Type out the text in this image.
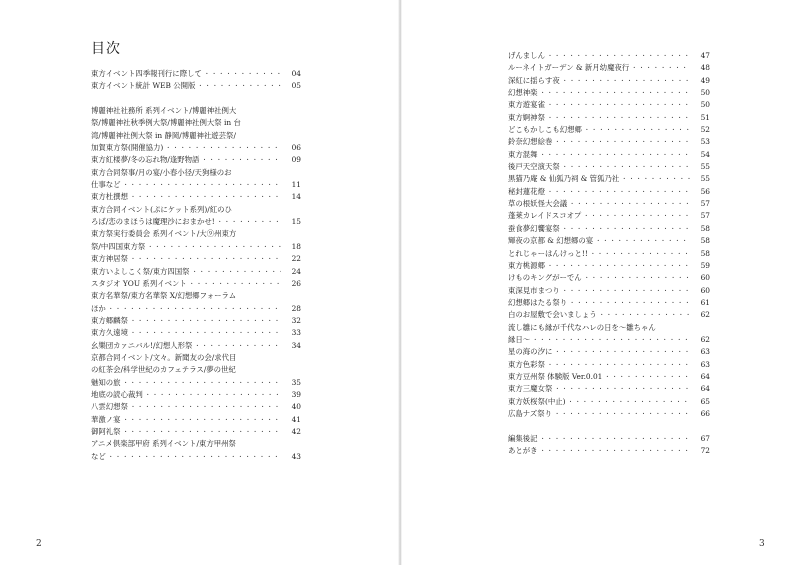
目次
東方イベント四季報刊行に際して ・・・・・・・・・・・・・・・・・・・・・・・・・・・・・・・・・・・・・・・・・・・・・・・・・・・・	04
東方イベント統計 WEB 公開版 ・・・・・・・・・・・・・・・・・・・・・・・・・・・・・・・・・・・・・・・・・・・・・・・・・・・・	05
博麗神社社務所 系列イベント/博麗神社例大
祭/博麗神社秋季例大祭/博麗神社例大祭 in 台
湾/博麗神社例大祭 in 静岡/博麗神社遊芸祭/
加賀東方祭(開催協力) ・・・・・・・・・・・・・・・・・・・・・・・・・・・・・・・・・・・・・・・・・・・・・・・・・・・・	06
東方紅楼夢/冬の忘れ物/逢野物語 ・・・・・・・・・・・・・・・・・・・・・・・・・・・・・・・・・・・・・・・・・・・・・・・・・・・・	09
東方合同祭事/月の宴/小春小径/天狗様のお
仕事など ・・・・・・・・・・・・・・・・・・・・・・・・・・・・・・・・・・・・・・・・・・・・・・・・・・・・	11
東方杜撰想 ・・・・・・・・・・・・・・・・・・・・・・・・・・・・・・・・・・・・・・・・・・・・・・・・・・・・	14
東方合同イベント(ぷにケット系列)/紅のひ
ろば/恋のまほうは魔理沙におまかせ! ・・・・・・・・・・・・・・・・・・・・・・・・・・・・・・・・・・・・・・・・・・・・・・・・・・・・	15
東方祭実行委員会 系列イベント/大⑨州東方
祭/中四国東方祭 ・・・・・・・・・・・・・・・・・・・・・・・・・・・・・・・・・・・・・・・・・・・・・・・・・・・・	18
東方神居祭 ・・・・・・・・・・・・・・・・・・・・・・・・・・・・・・・・・・・・・・・・・・・・・・・・・・・・	22
東方いよしこく祭/東方四国祭 ・・・・・・・・・・・・・・・・・・・・・・・・・・・・・・・・・・・・・・・・・・・・・・・・・・・・	24
スタジオ YOU 系列イベント ・・・・・・・・・・・・・・・・・・・・・・・・・・・・・・・・・・・・・・・・・・・・・・・・・・・・	26
東方名華祭/東方名華祭 X/幻想郷フォーラム
ほか ・・・・・・・・・・・・・・・・・・・・・・・・・・・・・・・・・・・・・・・・・・・・・・・・・・・・	28
東方郷麟祭 ・・・・・・・・・・・・・・・・・・・・・・・・・・・・・・・・・・・・・・・・・・・・・・・・・・・・	32
東方久遠境 ・・・・・・・・・・・・・・・・・・・・・・・・・・・・・・・・・・・・・・・・・・・・・・・・・・・・	33
幺樂団カァニバル!/幻想人形祭 ・・・・・・・・・・・・・・・・・・・・・・・・・・・・・・・・・・・・・・・・・・・・・・・・・・・・	34
京都合同イベント/文々。新聞友の会/求代目
の紅茶会/科学世紀のカフェテラス/夢の世紀
魅知の旅 ・・・・・・・・・・・・・・・・・・・・・・・・・・・・・・・・・・・・・・・・・・・・・・・・・・・・	35
地底の読心裁判 ・・・・・・・・・・・・・・・・・・・・・・・・・・・・・・・・・・・・・・・・・・・・・・・・・・・・	39
八雲幻想祭 ・・・・・・・・・・・・・・・・・・・・・・・・・・・・・・・・・・・・・・・・・・・・・・・・・・・・	40
華激ノ宴 ・・・・・・・・・・・・・・・・・・・・・・・・・・・・・・・・・・・・・・・・・・・・・・・・・・・・	41
御阿礼祭 ・・・・・・・・・・・・・・・・・・・・・・・・・・・・・・・・・・・・・・・・・・・・・・・・・・・・	42
アニメ倶楽部甲府 系列イベント/東方甲州祭
など ・・・・・・・・・・・・・・・・・・・・・・・・・・・・・・・・・・・・・・・・・・・・・・・・・・・・	43
げんましん ・・・・・・・・・・・・・・・・・・・・・・・・・・・・・・・・・・・・・・・・・・・・・・・・・・・・	47
ルーネイトガーデン & 新月幼魔夜行 ・・・・・・・・・・・・・・・・・・・・・・・・・・・・・・・・・・・・・・・・・・・・・・・・・・・・	48
深紅に揺らす夜 ・・・・・・・・・・・・・・・・・・・・・・・・・・・・・・・・・・・・・・・・・・・・・・・・・・・・	49
幻想神楽 ・・・・・・・・・・・・・・・・・・・・・・・・・・・・・・・・・・・・・・・・・・・・・・・・・・・・	50
東方遊宴雀 ・・・・・・・・・・・・・・・・・・・・・・・・・・・・・・・・・・・・・・・・・・・・・・・・・・・・	50
東方婀神祭 ・・・・・・・・・・・・・・・・・・・・・・・・・・・・・・・・・・・・・・・・・・・・・・・・・・・・	51
どこもかしこも幻想郷 ・・・・・・・・・・・・・・・・・・・・・・・・・・・・・・・・・・・・・・・・・・・・・・・・・・・・	52
鈴奈幻想絵巻 ・・・・・・・・・・・・・・・・・・・・・・・・・・・・・・・・・・・・・・・・・・・・・・・・・・・・	53
東方混舞 ・・・・・・・・・・・・・・・・・・・・・・・・・・・・・・・・・・・・・・・・・・・・・・・・・・・・	54
後戸天空演天祭 ・・・・・・・・・・・・・・・・・・・・・・・・・・・・・・・・・・・・・・・・・・・・・・・・・・・・	55
黒猫乃庵 & 仙狐乃祠 & 管狐乃社 ・・・・・・・・・・・・・・・・・・・・・・・・・・・・・・・・・・・・・・・・・・・・・・・・・・・・	55
秘封蓮花燈 ・・・・・・・・・・・・・・・・・・・・・・・・・・・・・・・・・・・・・・・・・・・・・・・・・・・・	56
草の根妖怪大会議 ・・・・・・・・・・・・・・・・・・・・・・・・・・・・・・・・・・・・・・・・・・・・・・・・・・・・	57
蓬莱カレイドスコオプ ・・・・・・・・・・・・・・・・・・・・・・・・・・・・・・・・・・・・・・・・・・・・・・・・・・・・	57
蚕食夢幻饗宴祭 ・・・・・・・・・・・・・・・・・・・・・・・・・・・・・・・・・・・・・・・・・・・・・・・・・・・・	58
輝夜の京都 & 幻想郷の宴 ・・・・・・・・・・・・・・・・・・・・・・・・・・・・・・・・・・・・・・・・・・・・・・・・・・・・	58
とれじゃーはんけっと!! ・・・・・・・・・・・・・・・・・・・・・・・・・・・・・・・・・・・・・・・・・・・・・・・・・・・・	58
東方桃源郷 ・・・・・・・・・・・・・・・・・・・・・・・・・・・・・・・・・・・・・・・・・・・・・・・・・・・・	59
けものキングがーでん ・・・・・・・・・・・・・・・・・・・・・・・・・・・・・・・・・・・・・・・・・・・・・・・・・・・・	60
東深見市まつり ・・・・・・・・・・・・・・・・・・・・・・・・・・・・・・・・・・・・・・・・・・・・・・・・・・・・	60
幻想郷はたる祭り ・・・・・・・・・・・・・・・・・・・・・・・・・・・・・・・・・・・・・・・・・・・・・・・・・・・・	61
白のお屋敷で会いましょう ・・・・・・・・・・・・・・・・・・・・・・・・・・・・・・・・・・・・・・・・・・・・・・・・・・・・	62
流し雛にも縁が千代なハレの日を〜雛ちゃん
縁日〜 ・・・・・・・・・・・・・・・・・・・・・・・・・・・・・・・・・・・・・・・・・・・・・・・・・・・・	62
星の海の汐に ・・・・・・・・・・・・・・・・・・・・・・・・・・・・・・・・・・・・・・・・・・・・・・・・・・・・	63
東方色彩祭 ・・・・・・・・・・・・・・・・・・・・・・・・・・・・・・・・・・・・・・・・・・・・・・・・・・・・	63
東方豆州祭 体験版 Ver.0.01 ・・・・・・・・・・・・・・・・・・・・・・・・・・・・・・・・・・・・・・・・・・・・・・・・・・・・	64
東方三魔女祭 ・・・・・・・・・・・・・・・・・・・・・・・・・・・・・・・・・・・・・・・・・・・・・・・・・・・・	64
東方妖桜祭(中止) ・・・・・・・・・・・・・・・・・・・・・・・・・・・・・・・・・・・・・・・・・・・・・・・・・・・・	65
広島ナズ祭り ・・・・・・・・・・・・・・・・・・・・・・・・・・・・・・・・・・・・・・・・・・・・・・・・・・・・	66
編集後記 ・・・・・・・・・・・・・・・・・・・・・・・・・・・・・・・・・・・・・・・・・・・・・・・・・・・・	67
あとがき ・・・・・・・・・・・・・・・・・・・・・・・・・・・・・・・・・・・・・・・・・・・・・・・・・・・・	72
2	3
